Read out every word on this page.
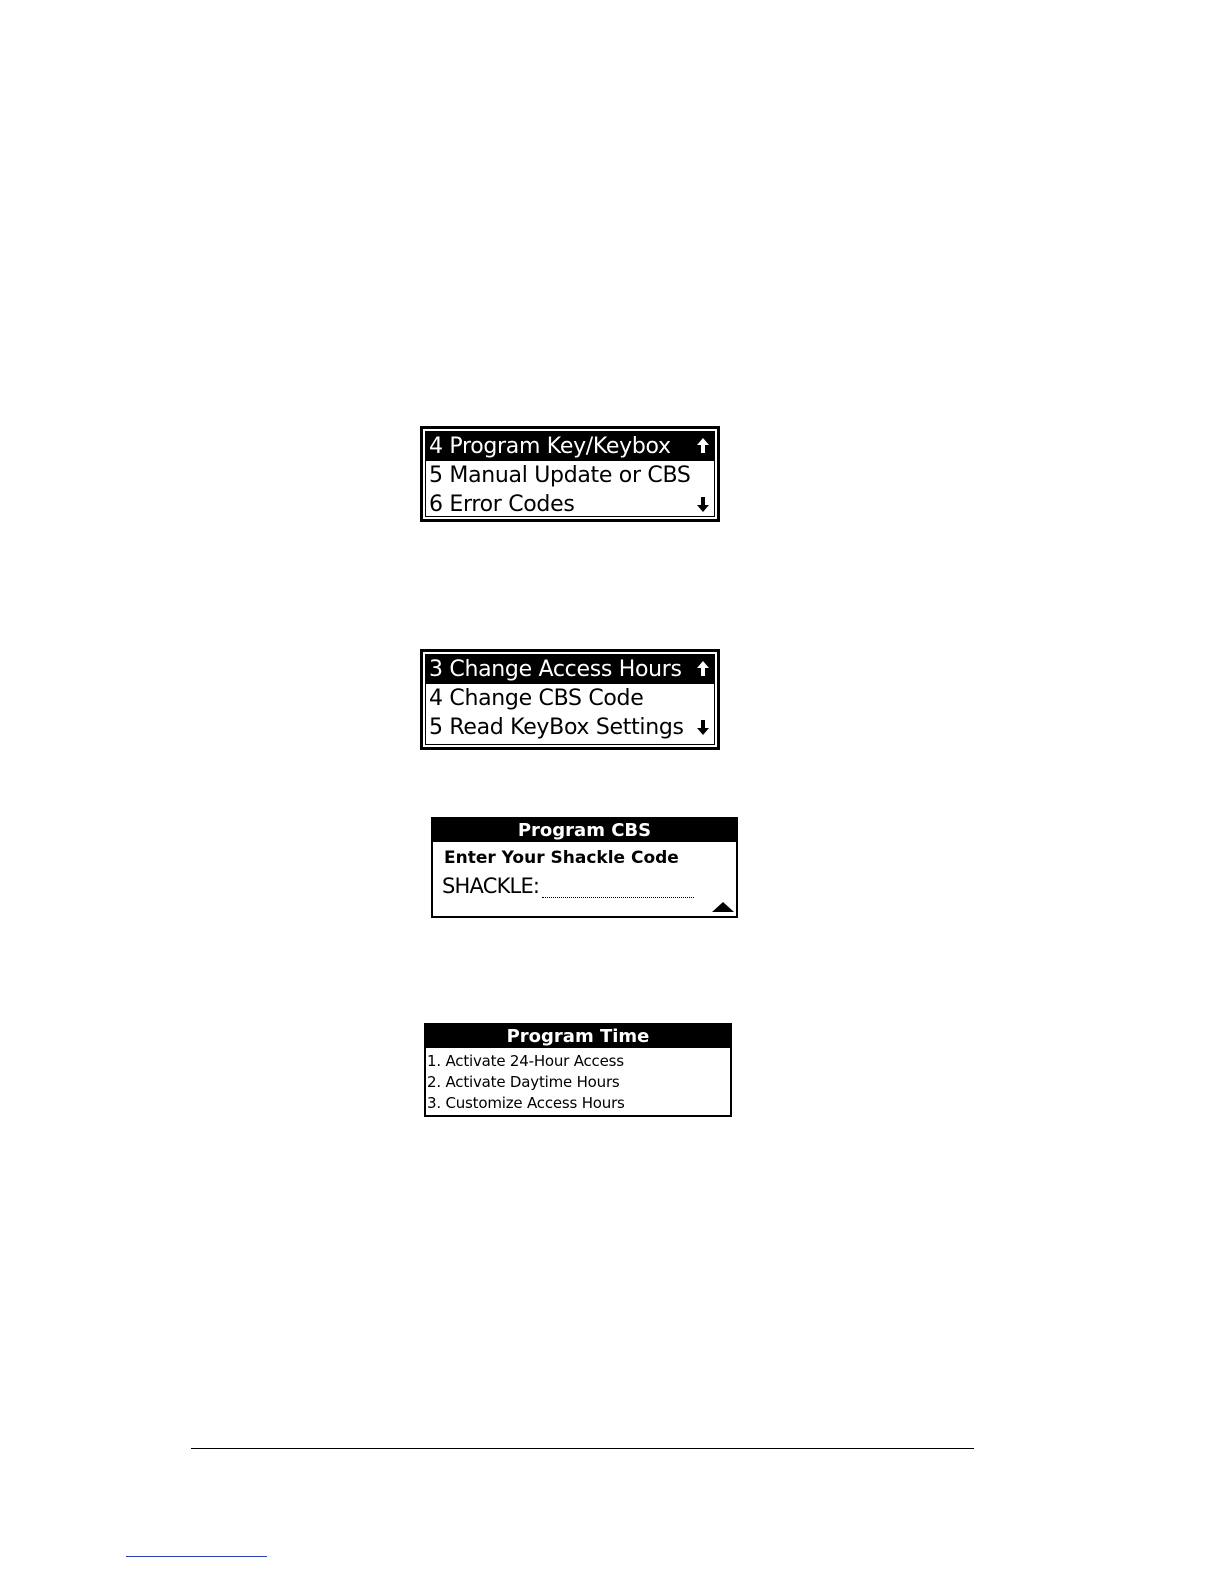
4 Program Key/Keybox
5 Manual Update or CBS
6 Error Codes
3 Change Access Hours
4 Change CBS Code
5 Read KeyBox Settings
Program CBS
Enter Your Shackle Code
SHACKLE:
Program Time
1. Activate 24-Hour Access
2. Activate Daytime Hours
3. Customize Access Hours
